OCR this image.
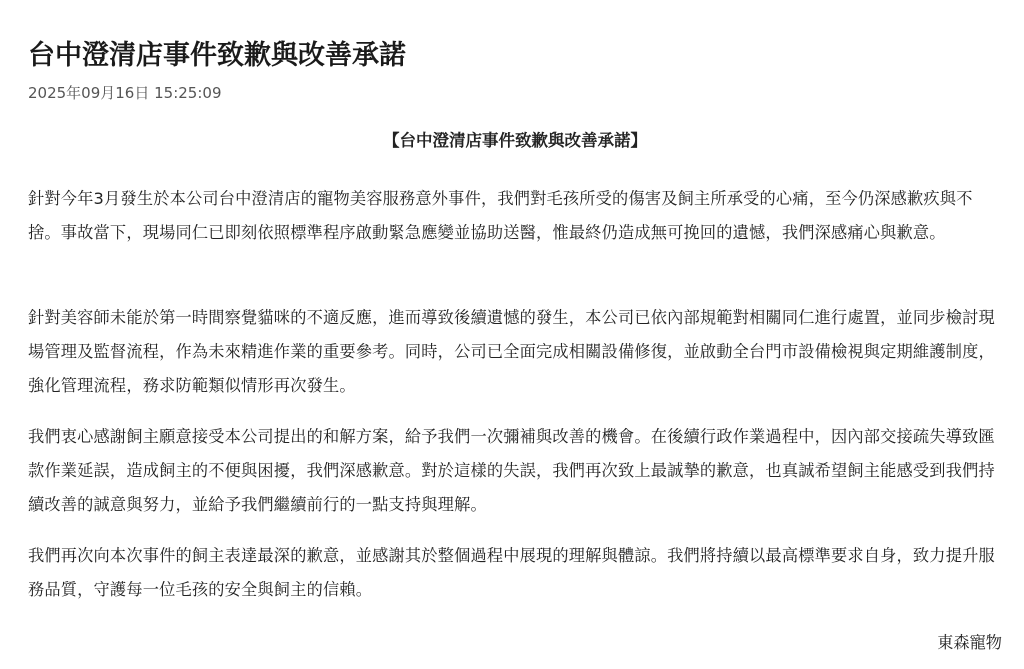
台中澄清店事件致歉與改善承諾
2025年09月16日 15:25:09
【台中澄清店事件致歉與改善承諾】

針對今年3月發生於本公司台中澄清店的寵物美容服務意外事件，我們對毛孩所受的傷害及飼主所承受的心痛，至今仍深感歉疚與不捨。事故當下，現場同仁已即刻依照標準程序啟動緊急應變並協助送醫，惟最終仍造成無可挽回的遺憾，我們深感痛心與歉意。

針對美容師未能於第一時間察覺貓咪的不適反應，進而導致後續遺憾的發生，本公司已依內部規範對相關同仁進行處置，並同步檢討現場管理及監督流程，作為未來精進作業的重要參考。同時，公司已全面完成相關設備修復，並啟動全台門市設備檢視與定期維護制度，強化管理流程，務求防範類似情形再次發生。

我們衷心感謝飼主願意接受本公司提出的和解方案，給予我們一次彌補與改善的機會。在後續行政作業過程中，因內部交接疏失導致匯款作業延誤，造成飼主的不便與困擾，我們深感歉意。對於這樣的失誤，我們再次致上最誠摯的歉意，也真誠希望飼主能感受到我們持續改善的誠意與努力，並給予我們繼續前行的一點支持與理解。

我們再次向本次事件的飼主表達最深的歉意，並感謝其於整個過程中展現的理解與體諒。我們將持續以最高標準要求自身，致力提升服務品質，守護每一位毛孩的安全與飼主的信賴。

東森寵物
